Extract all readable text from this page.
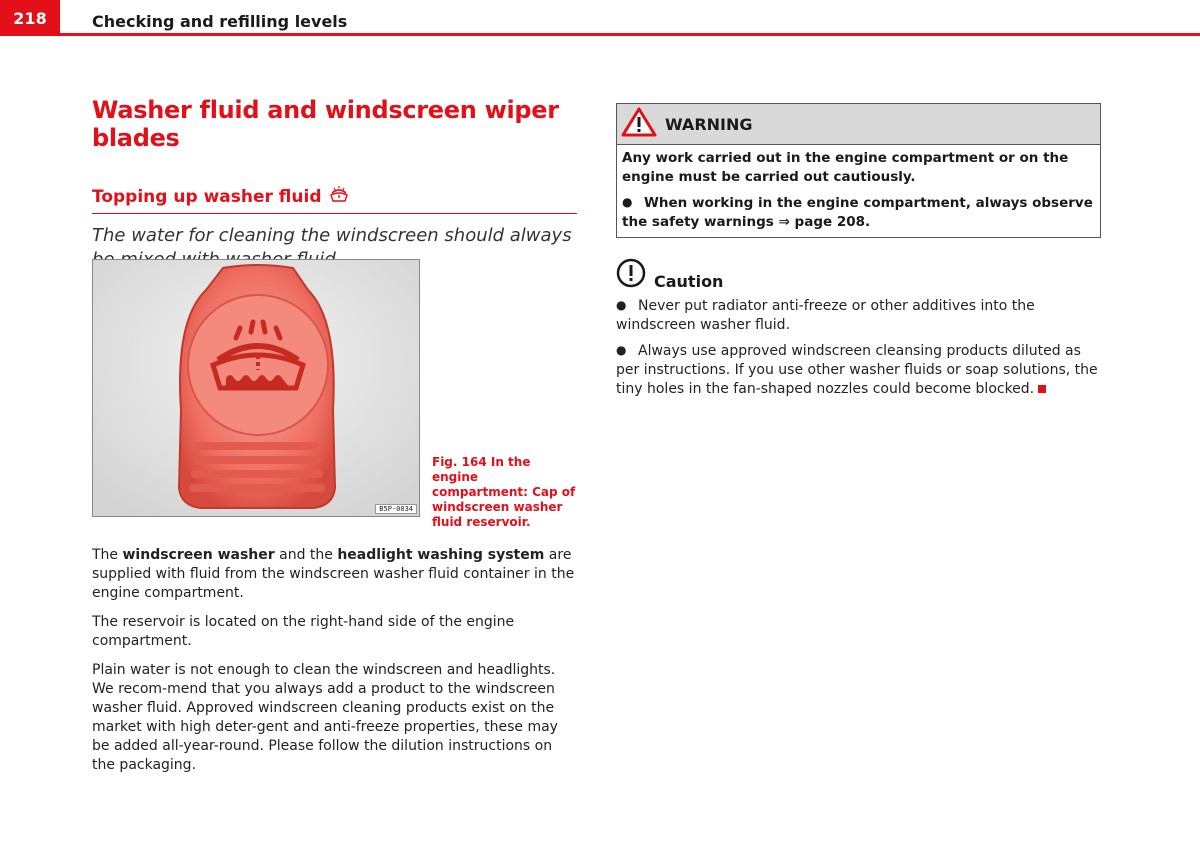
218	Checking and refilling levels
Washer fluid and windscreen wiper blades
Topping up washer fluid
The water for cleaning the windscreen should always
B5P-0034
Fig. 164 In the engine compartment: Cap of windscreen washer fluid reservoir.

The windscreen washer and the headlight washing system are supplied with fluid from the windscreen washer fluid container in the engine compartment.

The reservoir is located on the right-hand side of the engine compartment.

Plain water is not enough to clean the windscreen and headlights. We recom-mend that you always add a product to the windscreen washer fluid. Approved windscreen cleaning products exist on the market with high deter-gent and anti-freeze properties, these may be added all-year-round. Please follow the dilution instructions on the packaging.

WARNING

Any work carried out in the engine compartment or on the engine must be carried out cautiously.

● When working in the engine compartment, always observe the safety warnings ⇒ page 208.

Caution

● Never put radiator anti-freeze or other additives into the windscreen washer fluid.

● Always use approved windscreen cleansing products diluted as per instructions. If you use other washer fluids or soap solutions, the tiny holes in the fan-shaped nozzles could become blocked.
